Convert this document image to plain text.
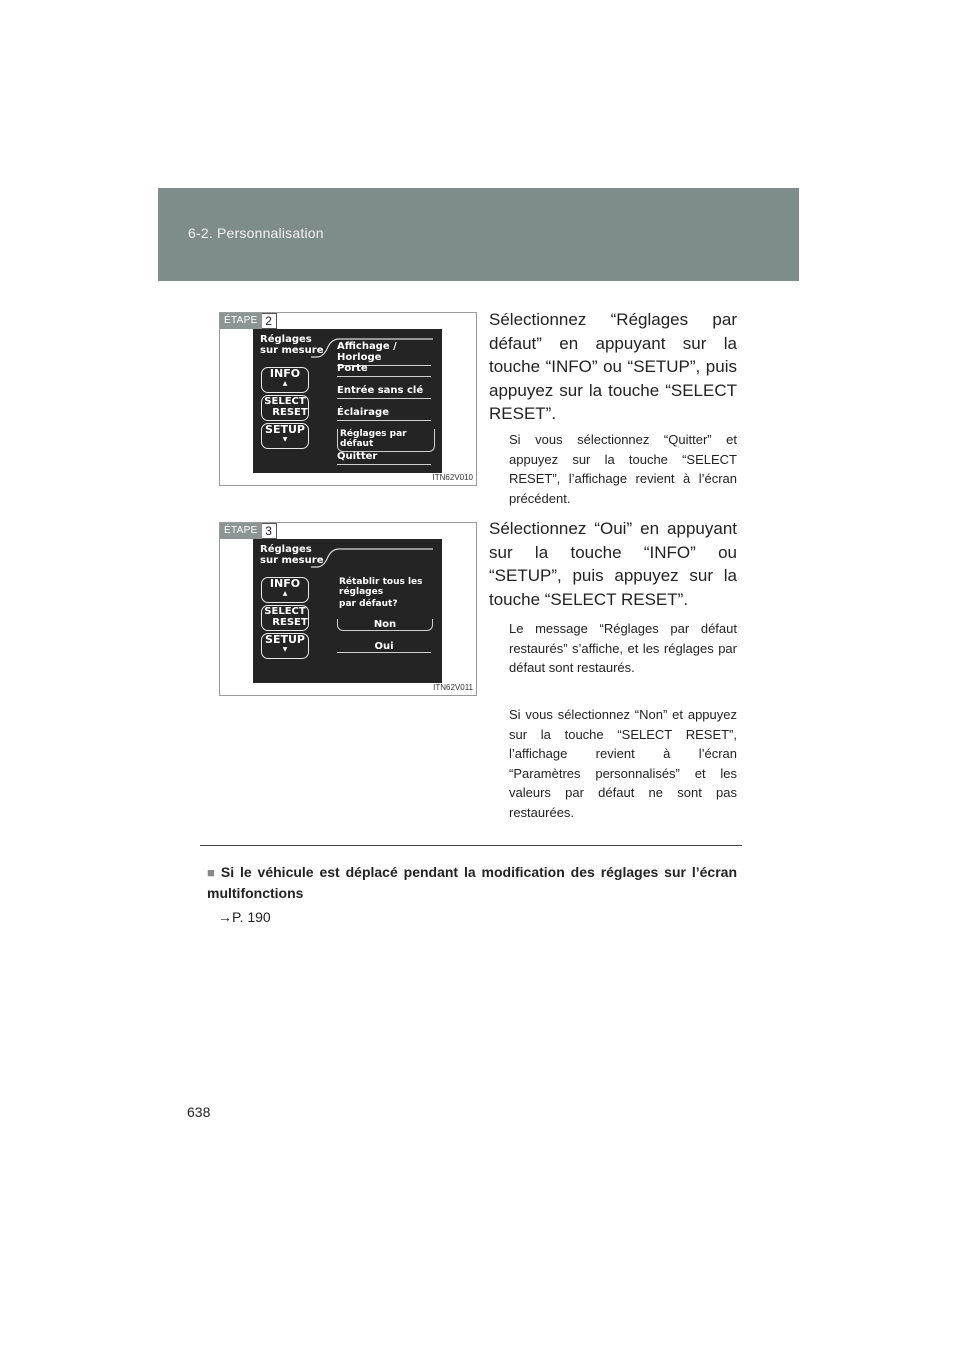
6-2. Personnalisation
ÉTAPE 2
Réglages
sur mesure
INFO
▲
SELECT
RESET
SETUP
▼
Affichage / Horloge
Porte
Entrée sans clé
Éclairage
Réglages par défaut
Quitter
ITN62V010
ÉTAPE 3
Réglages
sur mesure
INFO
▲
SELECT
RESET
SETUP
▼
Rétablir tous les réglages
par défaut?
Non
Oui
ITN62V011
Sélectionnez “Réglages par défaut” en appuyant sur la touche “INFO” ou “SETUP”, puis appuyez sur la touche “SELECT RESET”.
Si vous sélectionnez “Quitter” et appuyez sur la touche “SELECT RESET”, l’affichage revient à l’écran précédent.
Sélectionnez “Oui” en appuyant sur la touche “INFO” ou “SETUP”, puis appuyez sur la touche “SELECT RESET”.
Le message “Réglages par défaut restaurés” s’affiche, et les réglages par défaut sont restaurés.
Si vous sélectionnez “Non” et appuyez sur la touche “SELECT RESET”, l’affichage revient à l’écran “Paramètres personnalisés” et les valeurs par défaut ne sont pas restaurées.
■ Si le véhicule est déplacé pendant la modification des réglages sur l’écran multifonctions
→P. 190
638
